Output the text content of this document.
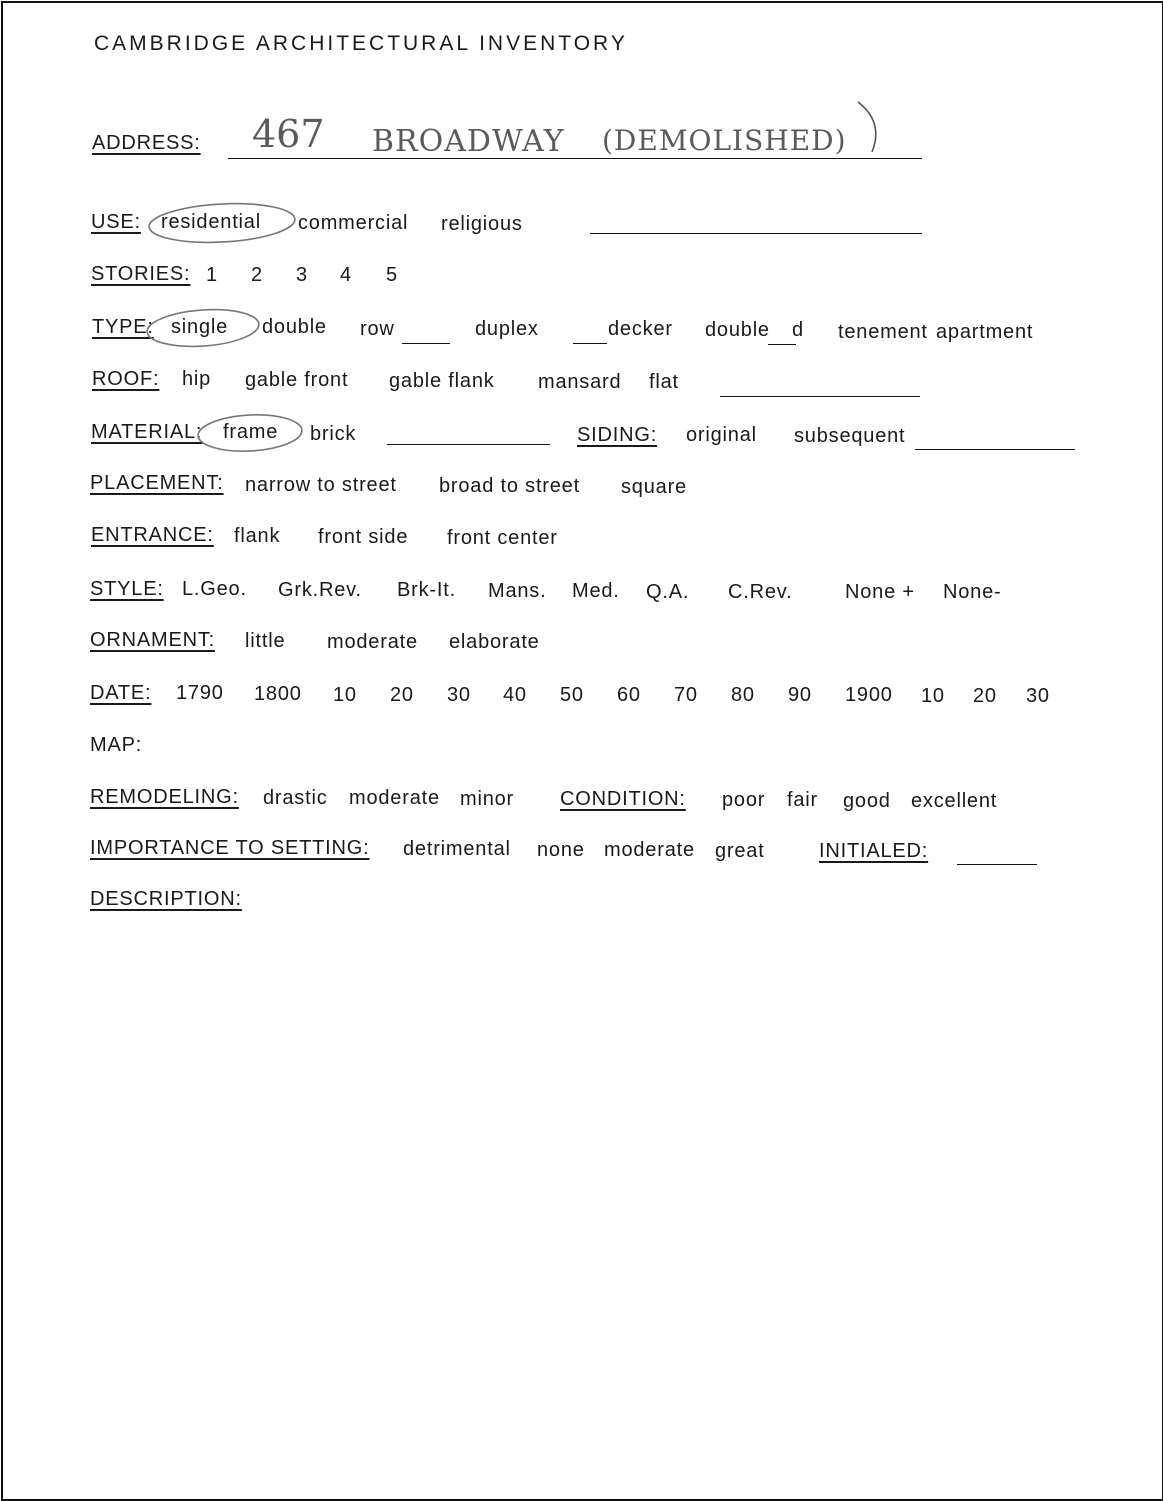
CAMBRIDGE ARCHITECTURAL INVENTORY
ADDRESS: 467 BROADWAY (DEMOLISHED)
USE: residential commercial religious
STORIES: 1 2 3 4 5
TYPE: single double row	duplex	decker double d tenement apartment
ROOF: hip gable front gable flank mansard flat
MATERIAL: frame brick	SIDING: original subsequent
PLACEMENT: narrow to street broad to street square
ENTRANCE: flank front side front center
STYLE: L.Geo. Grk.Rev. Brk-It. Mans. Med. Q.A. C.Rev.	None + None-
ORNAMENT: little moderate elaborate
DATE: 1790 1800 10 20 30 40 50 60 70 80 90 1900 10 20 30
MAP:
REMODELING: drastic moderate minor CONDITION: poor fair good excellent
IMPORTANCE TO SETTING: detrimental none moderate great	INITIALED:
DESCRIPTION:
